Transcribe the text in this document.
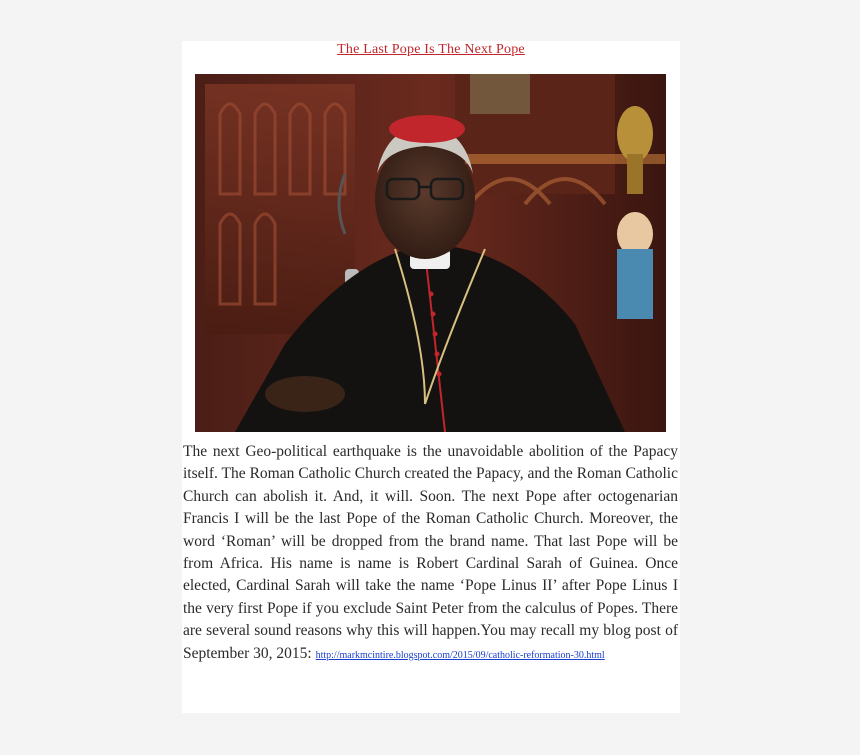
The Last Pope Is The Next Pope

The next Geo-political earthquake is the unavoidable abolition of the Papacy itself. The Roman Catholic Church created the Papacy, and the Roman Catholic Church can abolish it. And, it will. Soon. The next Pope after octogenarian Francis I will be the last Pope of the Roman Catholic Church. Moreover, the word ‘Roman’ will be dropped from the brand name. That last Pope will be from Africa. His name is name is Robert Cardinal Sarah of Guinea. Once elected, Cardinal Sarah will take the name ‘Pope Linus II’ after Pope Linus I the very first Pope if you exclude Saint Peter from the calculus of Popes. There are several sound reasons why this will happen.You may recall my blog post of September 30, 2015: http://markmcintire.blogspot.com/2015/09/catholic-reformation-30.html
